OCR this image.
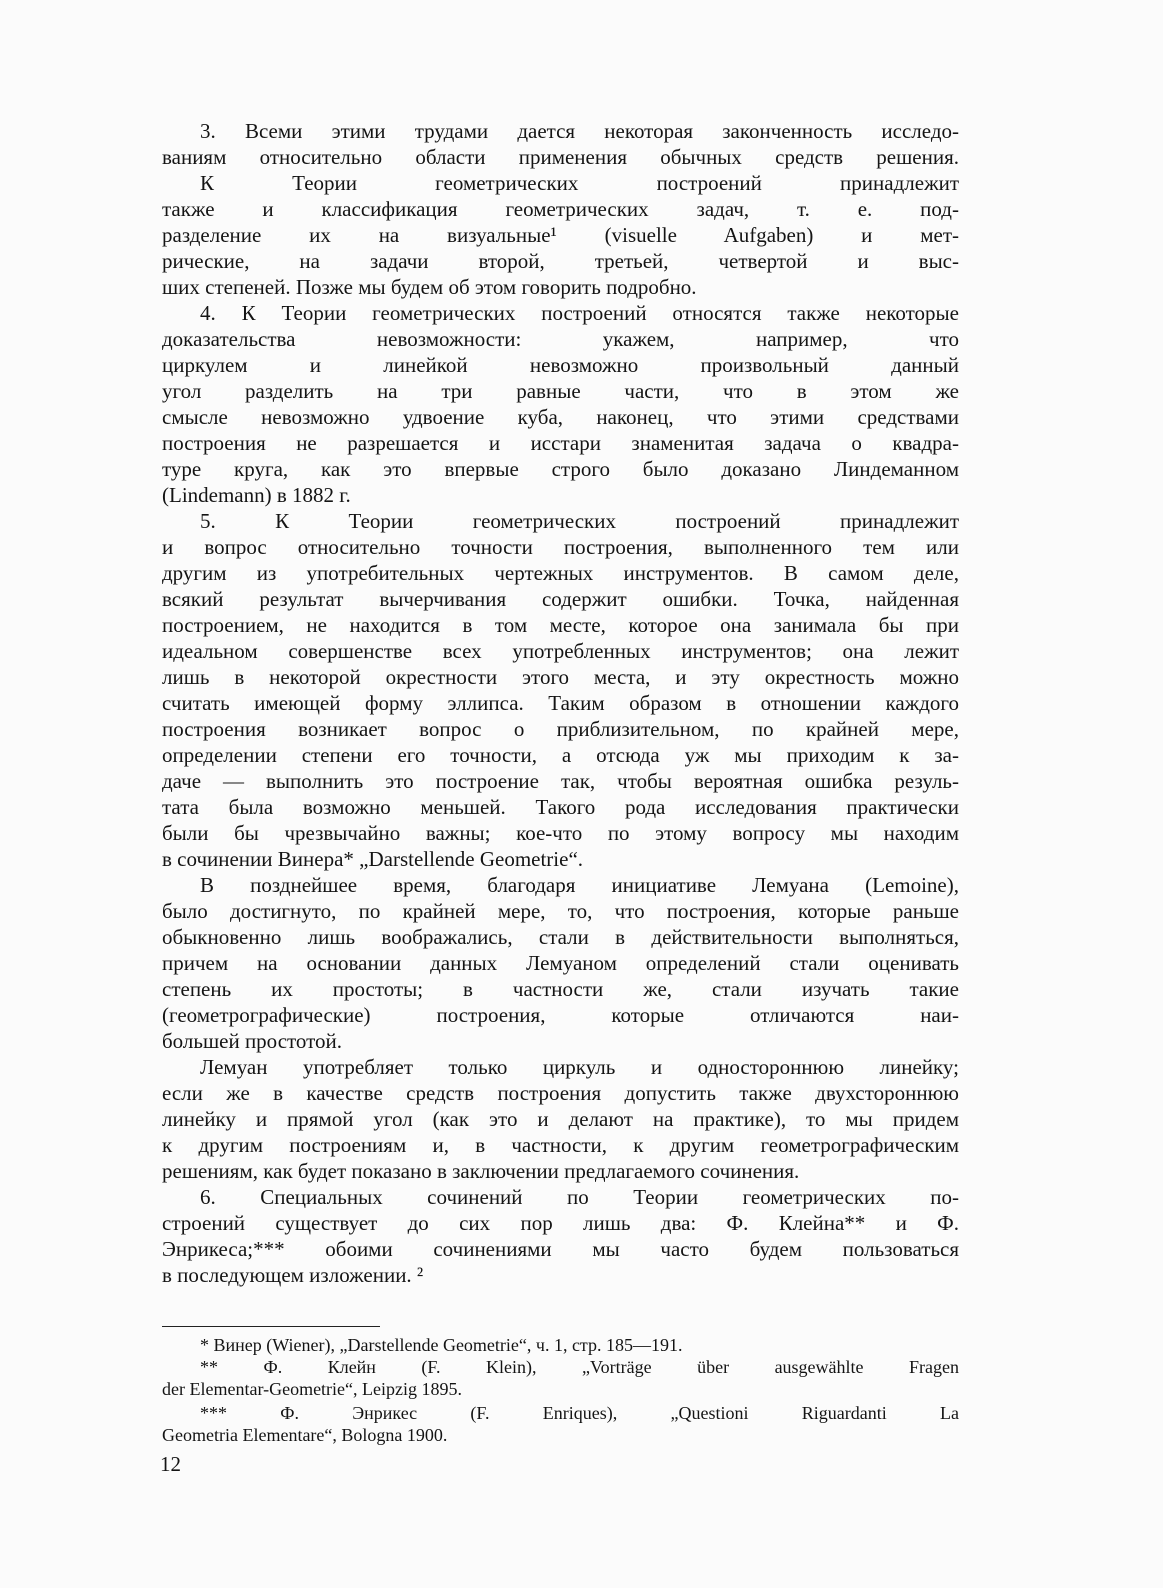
3. Всеми этими трудами дается некоторая законченность исследо-
ваниям относительно области применения обычных средств решения.
К Теории геометрических построений принадлежит
также и классификация геометрических задач, т. е. под-
разделение их на визуальные¹ (visuelle Aufgaben) и мет-
рические, на задачи второй, третьей, четвертой и выс-
ших степеней. Позже мы будем об этом говорить подробно.
4. К Теории геометрических построений относятся также некоторые
доказательства невозможности: укажем, например, что
циркулем и линейкой невозможно произвольный данный
угол разделить на три равные части, что в этом же
смысле невозможно удвоение куба, наконец, что этими средствами
построения не разрешается и исстари знаменитая задача о квадра-
туре круга, как это впервые строго было доказано Линдеманном
(Lindemann) в 1882 г.
5. К Теории геометрических построений принадлежит
и вопрос относительно точности построения, выполненного тем или
другим из употребительных чертежных инструментов. В самом деле,
всякий результат вычерчивания содержит ошибки. Точка, найденная
построением, не находится в том месте, которое она занимала бы при
идеальном совершенстве всех употребленных инструментов; она лежит
лишь в некоторой окрестности этого места, и эту окрестность можно
считать имеющей форму эллипса. Таким образом в отношении каждого
построения возникает вопрос о приблизительном, по крайней мере,
определении степени его точности, а отсюда уж мы приходим к за-
даче — выполнить это построение так, чтобы вероятная ошибка резуль-
тата была возможно меньшей. Такого рода исследования практически
были бы чрезвычайно важны; кое-что по этому вопросу мы находим
в сочинении Винера* „Darstellende Geometrie“.
В позднейшее время, благодаря инициативе Лемуана (Lemoine),
было достигнуто, по крайней мере, то, что построения, которые раньше
обыкновенно лишь воображались, стали в действительности выполняться,
причем на основании данных Лемуаном определений стали оценивать
степень их простоты; в частности же, стали изучать такие
(геометрографические) построения, которые отличаются наи-
большей простотой.
Лемуан употребляет только циркуль и одностороннюю линейку;
если же в качестве средств построения допустить также двухстороннюю
линейку и прямой угол (как это и делают на практике), то мы придем
к другим построениям и, в частности, к другим геометрографическим
решениям, как будет показано в заключении предлагаемого сочинения.
6. Специальных сочинений по Теории геометрических по-
строений существует до сих пор лишь два: Ф. Клейна** и Ф.
Энрикеса;*** обоими сочинениями мы часто будем пользоваться
в последующем изложении. ²
* Винер (Wiener), „Darstellende Geometrie“, ч. 1, стр. 185—191.
** Ф. Клейн (F. Klein), „Vorträge über ausgewählte Fragen
der Elementar-Geometrie“, Leipzig 1895.
*** Ф. Энрикес (F. Enriques), „Questioni Riguardanti La
Geometria Elementare“, Bologna 1900.
12
